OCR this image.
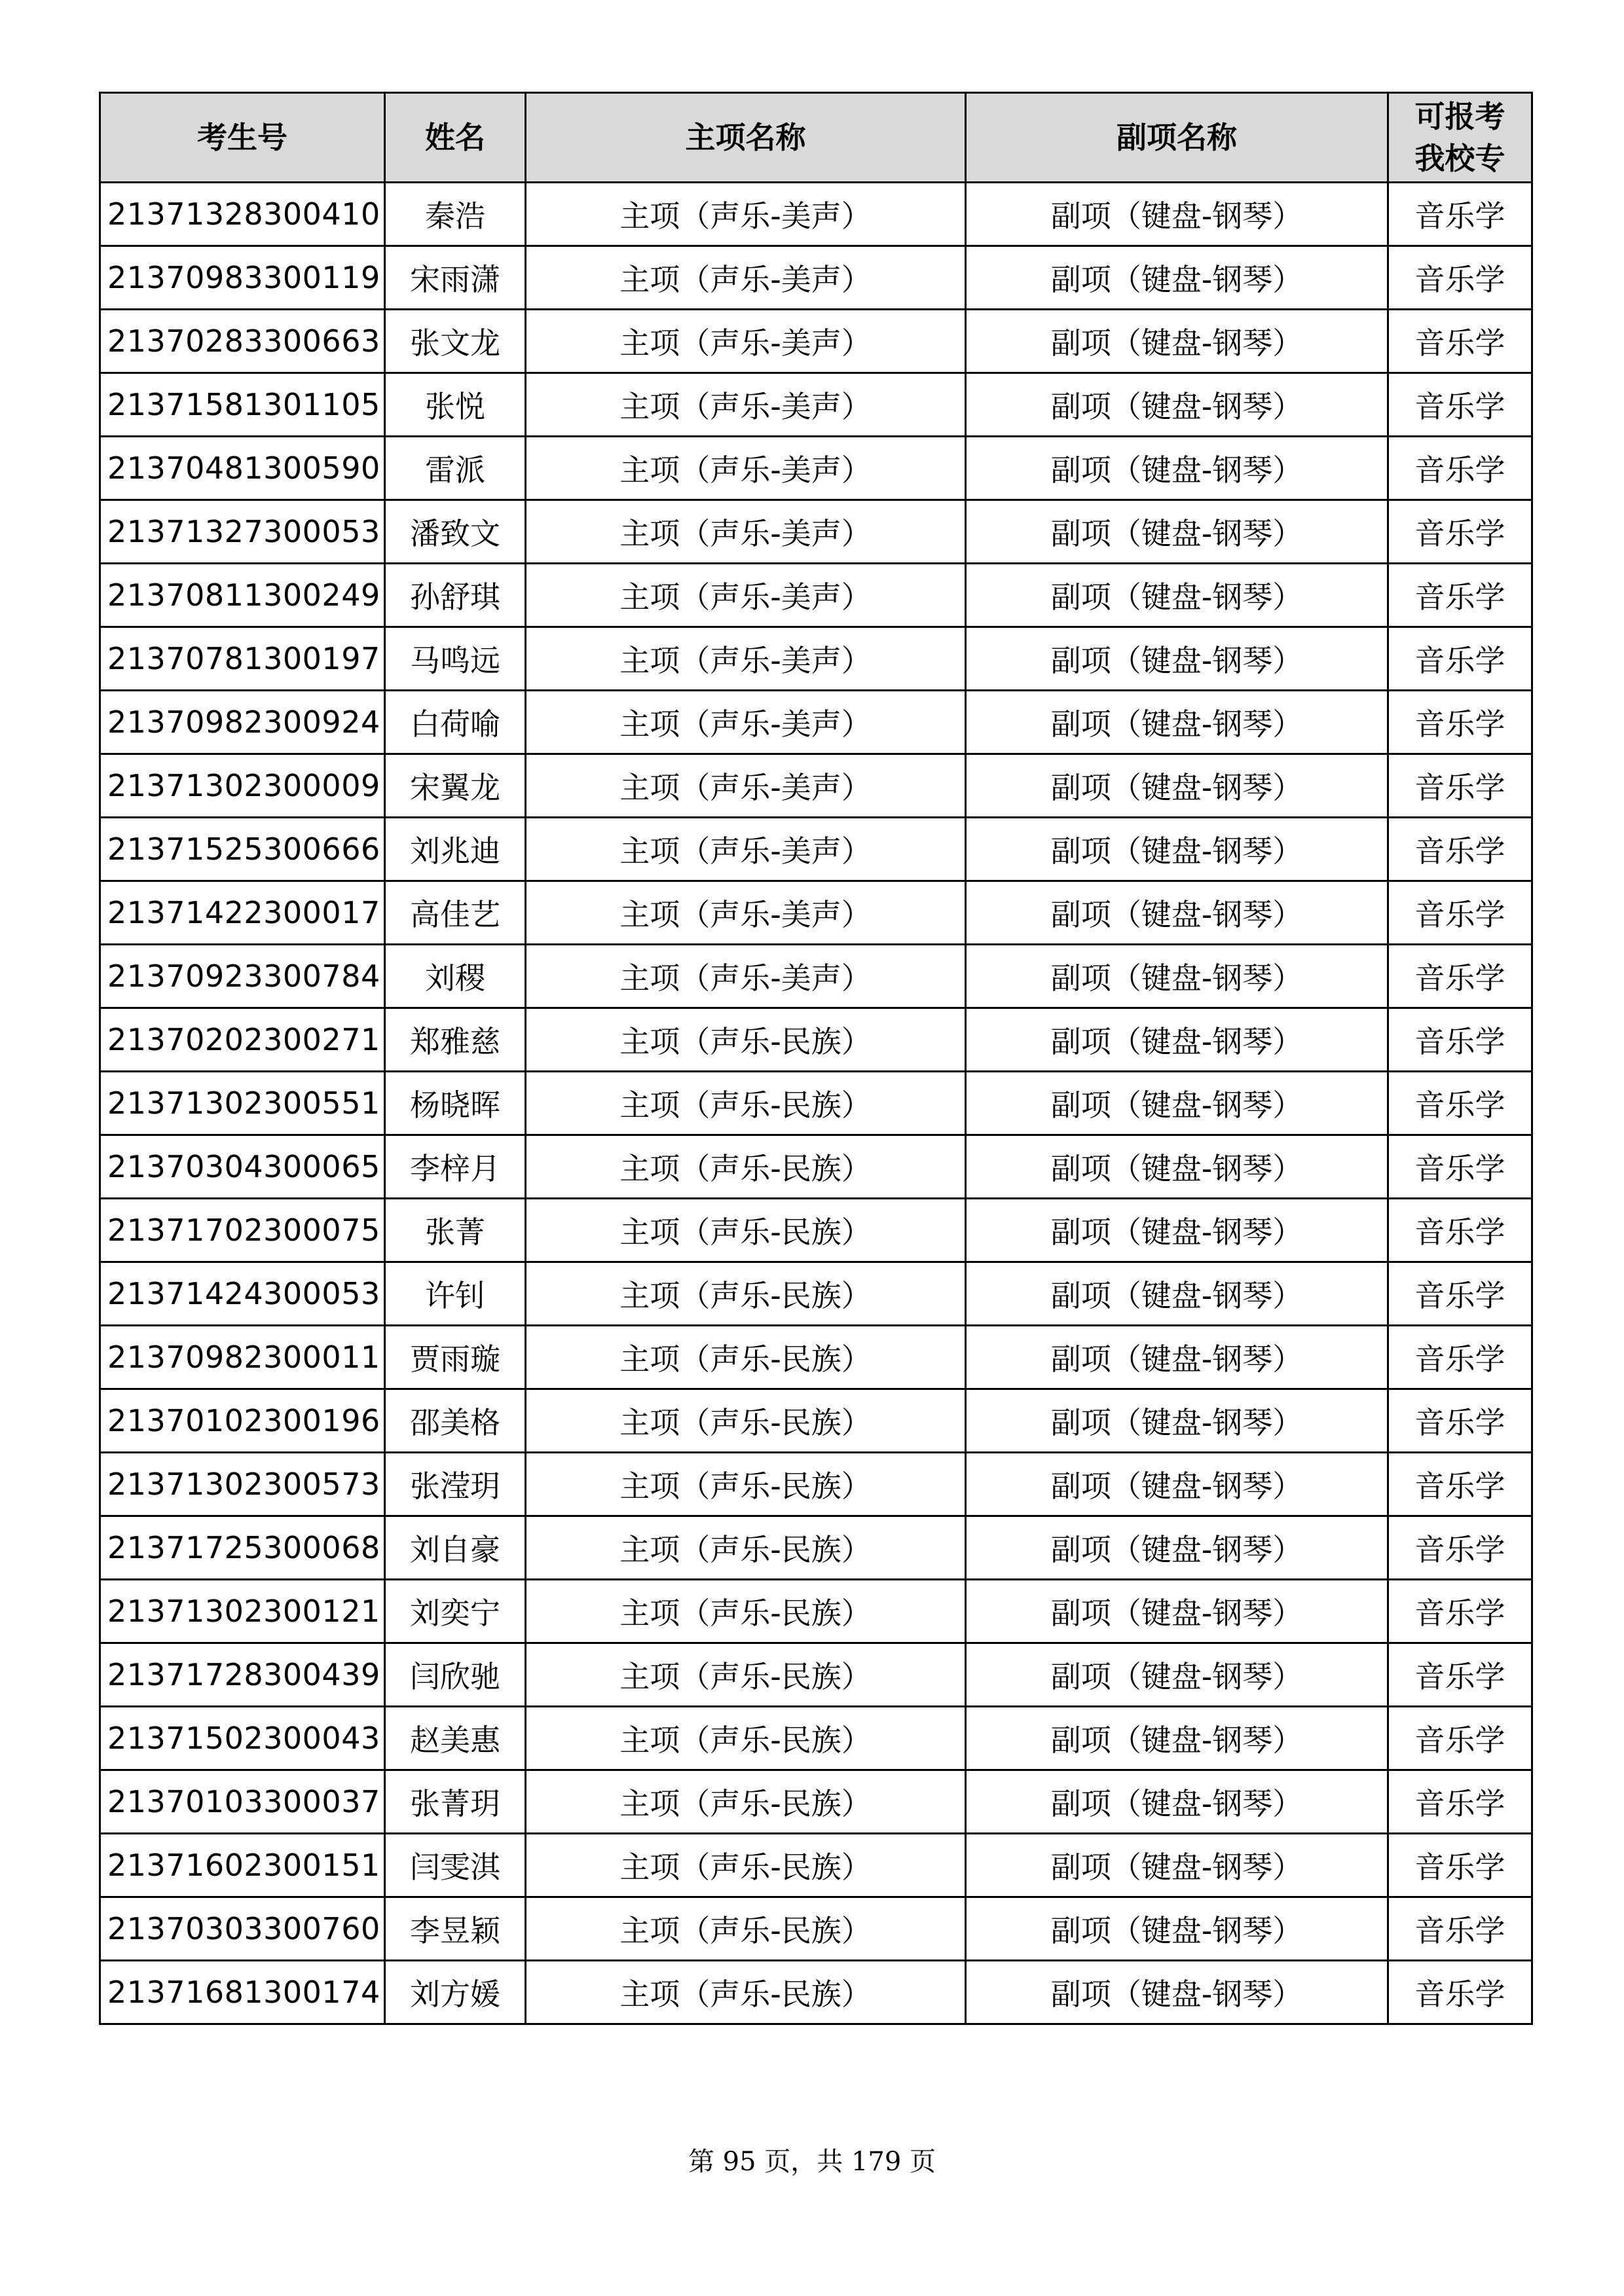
考生号	姓名	主项名称	副项名称	可报考
我校专

21371328300410	秦浩	主项（声乐-美声）	副项（键盘-钢琴）	音乐学
21370983300119	宋雨潇	主项（声乐-美声）	副项（键盘-钢琴）	音乐学
21370283300663	张文龙	主项（声乐-美声）	副项（键盘-钢琴）	音乐学
21371581301105	张悦	主项（声乐-美声）	副项（键盘-钢琴）	音乐学
21370481300590	雷派	主项（声乐-美声）	副项（键盘-钢琴）	音乐学
21371327300053	潘致文	主项（声乐-美声）	副项（键盘-钢琴）	音乐学
21370811300249	孙舒琪	主项（声乐-美声）	副项（键盘-钢琴）	音乐学
21370781300197	马鸣远	主项（声乐-美声）	副项（键盘-钢琴）	音乐学
21370982300924	白荷喻	主项（声乐-美声）	副项（键盘-钢琴）	音乐学
21371302300009	宋翼龙	主项（声乐-美声）	副项（键盘-钢琴）	音乐学
21371525300666	刘兆迪	主项（声乐-美声）	副项（键盘-钢琴）	音乐学
21371422300017	高佳艺	主项（声乐-美声）	副项（键盘-钢琴）	音乐学
21370923300784	刘稷	主项（声乐-美声）	副项（键盘-钢琴）	音乐学
21370202300271	郑雅慈	主项（声乐-民族）	副项（键盘-钢琴）	音乐学
21371302300551	杨晓晖	主项（声乐-民族）	副项（键盘-钢琴）	音乐学
21370304300065	李梓月	主项（声乐-民族）	副项（键盘-钢琴）	音乐学
21371702300075	张菁	主项（声乐-民族）	副项（键盘-钢琴）	音乐学
21371424300053	许钊	主项（声乐-民族）	副项（键盘-钢琴）	音乐学
21370982300011	贾雨璇	主项（声乐-民族）	副项（键盘-钢琴）	音乐学
21370102300196	邵美格	主项（声乐-民族）	副项（键盘-钢琴）	音乐学
21371302300573	张滢玥	主项（声乐-民族）	副项（键盘-钢琴）	音乐学
21371725300068	刘自豪	主项（声乐-民族）	副项（键盘-钢琴）	音乐学
21371302300121	刘奕宁	主项（声乐-民族）	副项（键盘-钢琴）	音乐学
21371728300439	闫欣驰	主项（声乐-民族）	副项（键盘-钢琴）	音乐学
21371502300043	赵美惠	主项（声乐-民族）	副项（键盘-钢琴）	音乐学
21370103300037	张菁玥	主项（声乐-民族）	副项（键盘-钢琴）	音乐学
21371602300151	闫雯淇	主项（声乐-民族）	副项（键盘-钢琴）	音乐学
21370303300760	李昱颖	主项（声乐-民族）	副项（键盘-钢琴）	音乐学
21371681300174	刘方媛	主项（声乐-民族）	副项（键盘-钢琴）	音乐学
第 95 页，共 179 页
